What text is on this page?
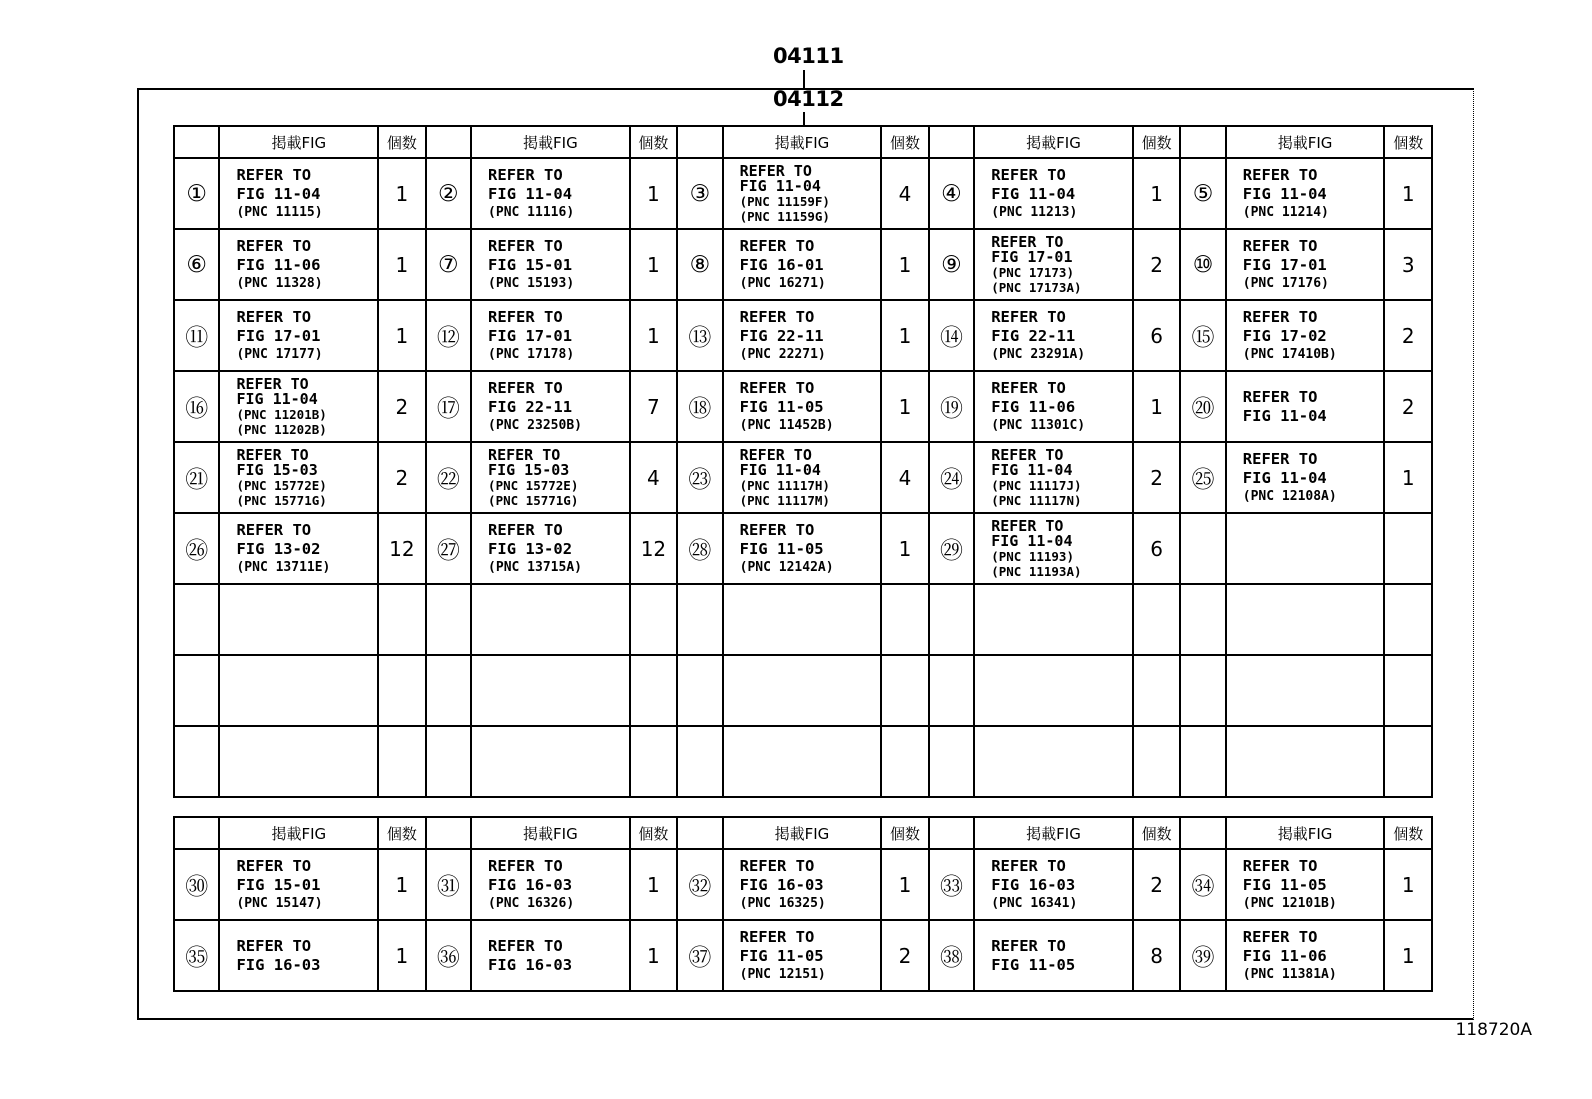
04111
04112
	掲載FIG	個数		掲載FIG	個数		掲載FIG	個数		掲載FIG	個数		掲載FIG	個数
①	REFER TO
FIG 11-04
(PNC 11115)	1	②	REFER TO
FIG 11-04
(PNC 11116)	1	③	REFER TO
FIG 11-04
(PNC 11159F)
(PNC 11159G)	4	④	REFER TO
FIG 11-04
(PNC 11213)	1	⑤	REFER TO
FIG 11-04
(PNC 11214)	1
⑥	REFER TO
FIG 11-06
(PNC 11328)	1	⑦	REFER TO
FIG 15-01
(PNC 15193)	1	⑧	REFER TO
FIG 16-01
(PNC 16271)	1	⑨	REFER TO
FIG 17-01
(PNC 17173)
(PNC 17173A)	2	⑩	REFER TO
FIG 17-01
(PNC 17176)	3
⑪	REFER TO
FIG 17-01
(PNC 17177)	1	⑫	REFER TO
FIG 17-01
(PNC 17178)	1	⑬	REFER TO
FIG 22-11
(PNC 22271)	1	⑭	REFER TO
FIG 22-11
(PNC 23291A)	6	⑮	REFER TO
FIG 17-02
(PNC 17410B)	2
⑯	REFER TO
FIG 11-04
(PNC 11201B)
(PNC 11202B)	2	⑰	REFER TO
FIG 22-11
(PNC 23250B)	7	⑱	REFER TO
FIG 11-05
(PNC 11452B)	1	⑲	REFER TO
FIG 11-06
(PNC 11301C)	1	⑳	REFER TO
FIG 11-04	2
㉑	REFER TO
FIG 15-03
(PNC 15772E)
(PNC 15771G)	2	㉒	REFER TO
FIG 15-03
(PNC 15772E)
(PNC 15771G)	4	㉓	REFER TO
FIG 11-04
(PNC 11117H)
(PNC 11117M)	4	㉔	REFER TO
FIG 11-04
(PNC 11117J)
(PNC 11117N)	2	㉕	REFER TO
FIG 11-04
(PNC 12108A)	1
㉖	REFER TO
FIG 13-02
(PNC 13711E)	12	㉗	REFER TO
FIG 13-02
(PNC 13715A)	12	㉘	REFER TO
FIG 11-05
(PNC 12142A)	1	㉙	REFER TO
FIG 11-04
(PNC 11193)
(PNC 11193A)	6			

	掲載FIG	個数		掲載FIG	個数		掲載FIG	個数		掲載FIG	個数		掲載FIG	個数
㉚	REFER TO
FIG 15-01
(PNC 15147)	1	㉛	REFER TO
FIG 16-03
(PNC 16326)	1	㉜	REFER TO
FIG 16-03
(PNC 16325)	1	㉝	REFER TO
FIG 16-03
(PNC 16341)	2	㉞	REFER TO
FIG 11-05
(PNC 12101B)	1
㉟	REFER TO
FIG 16-03	1	㊱	REFER TO
FIG 16-03	1	㊲	REFER TO
FIG 11-05
(PNC 12151)	2	㊳	REFER TO
FIG 11-05	8	㊴	REFER TO
FIG 11-06
(PNC 11381A)	1
118720A
